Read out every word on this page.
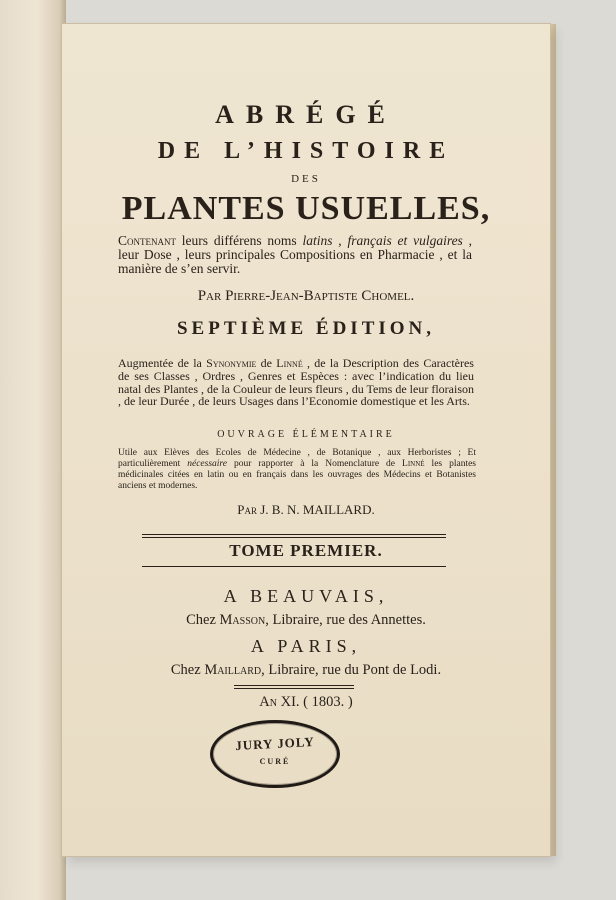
ABRÉGÉ
DE L’HISTOIRE
DES
PLANTES USUELLES,
Contenant leurs différens noms latins , français et vulgaires , leur Dose , leurs principales Compositions en Pharmacie , et la manière de s’en servir.
Par Pierre-Jean-Baptiste Chomel.
SEPTIÈME ÉDITION,
Augmentée de la Synonymie de Linné , de la Description des Caractères de ses Classes , Ordres , Genres et Espèces : avec l’indication du lieu natal des Plantes , de la Couleur de leurs fleurs , du Tems de leur floraison , de leur Durée , de leurs Usages dans l’Economie domestique et les Arts.
OUVRAGE ÉLÉMENTAIRE
Utile aux Elèves des Ecoles de Médecine , de Botanique , aux Herboristes ; Et particulièrement nécessaire pour rapporter à la Nomenclature de Linné les plantes médicinales citées en latin ou en français dans les ouvrages des Médecins et Botanistes anciens et modernes.
Par J. B. N. MAILLARD.
TOME PREMIER.
A BEAUVAIS,
Chez Masson, Libraire, rue des Annettes.
A PARIS,
Chez Maillard, Libraire, rue du Pont de Lodi.
An XI. ( 1803. )
JURY JOLY
CURÉ
